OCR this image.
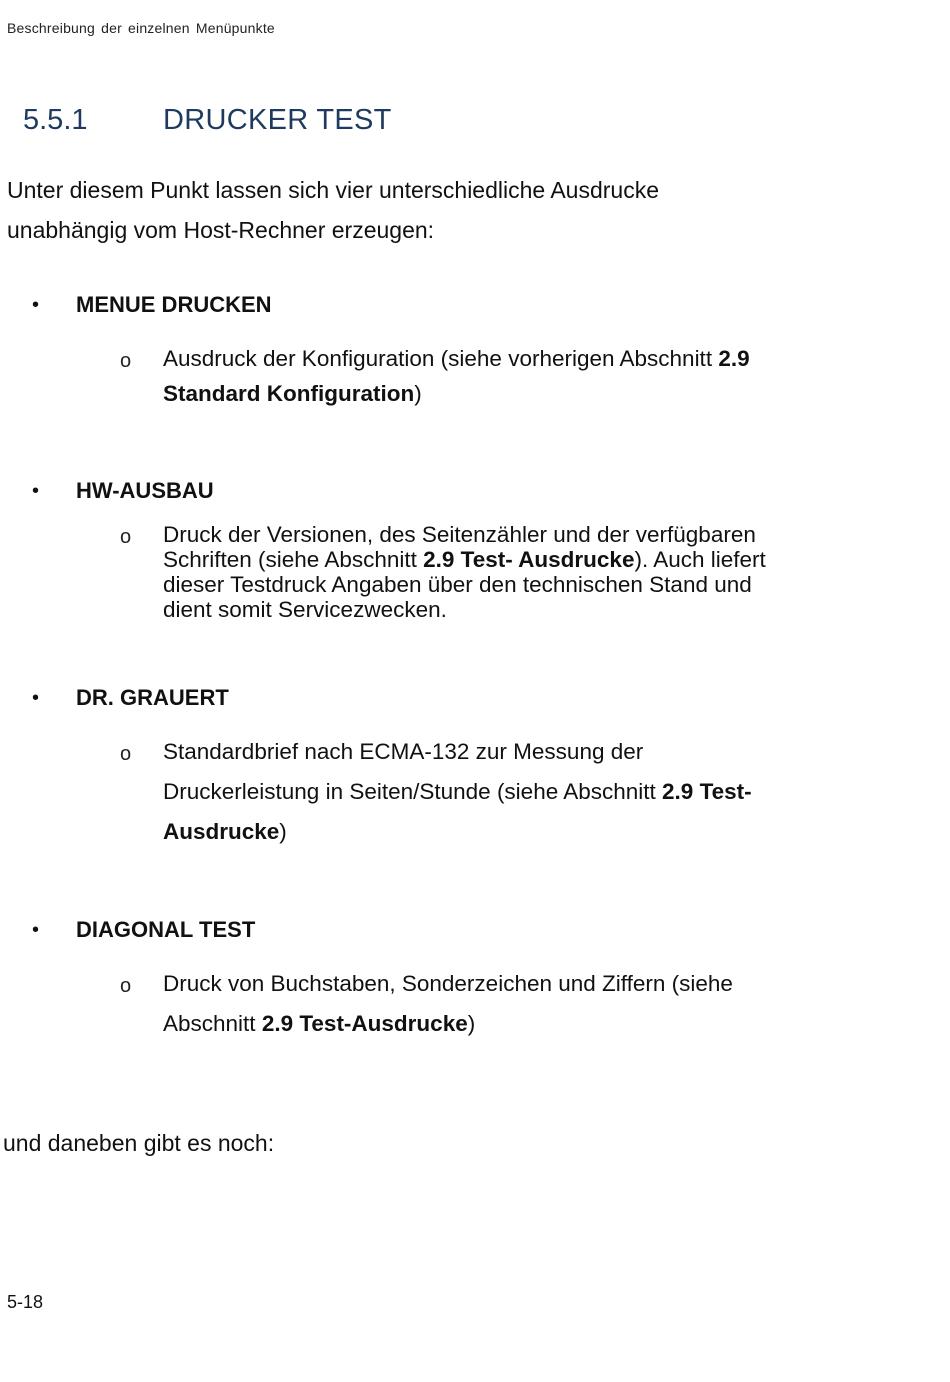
Beschreibung der einzelnen Menüpunkte
5.5.1	DRUCKER TEST
Unter diesem Punkt lassen sich vier unterschiedliche Ausdrucke
unabhängig vom Host-Rechner erzeugen:
• MENUE DRUCKEN
o Ausdruck der Konfiguration (siehe vorherigen Abschnitt 2.9
Standard Konfiguration)
• HW-AUSBAU
o Druck der Versionen, des Seitenzähler und der verfügbaren
Schriften (siehe Abschnitt 2.9 Test- Ausdrucke). Auch liefert
dieser Testdruck Angaben über den technischen Stand und
dient somit Servicezwecken.
• DR. GRAUERT
o Standardbrief nach ECMA-132 zur Messung der
Druckerleistung in Seiten/Stunde (siehe Abschnitt 2.9 Test-
Ausdrucke)
• DIAGONAL TEST
o Druck von Buchstaben, Sonderzeichen und Ziffern (siehe
Abschnitt 2.9 Test-Ausdrucke)
und daneben gibt es noch:
5-18
